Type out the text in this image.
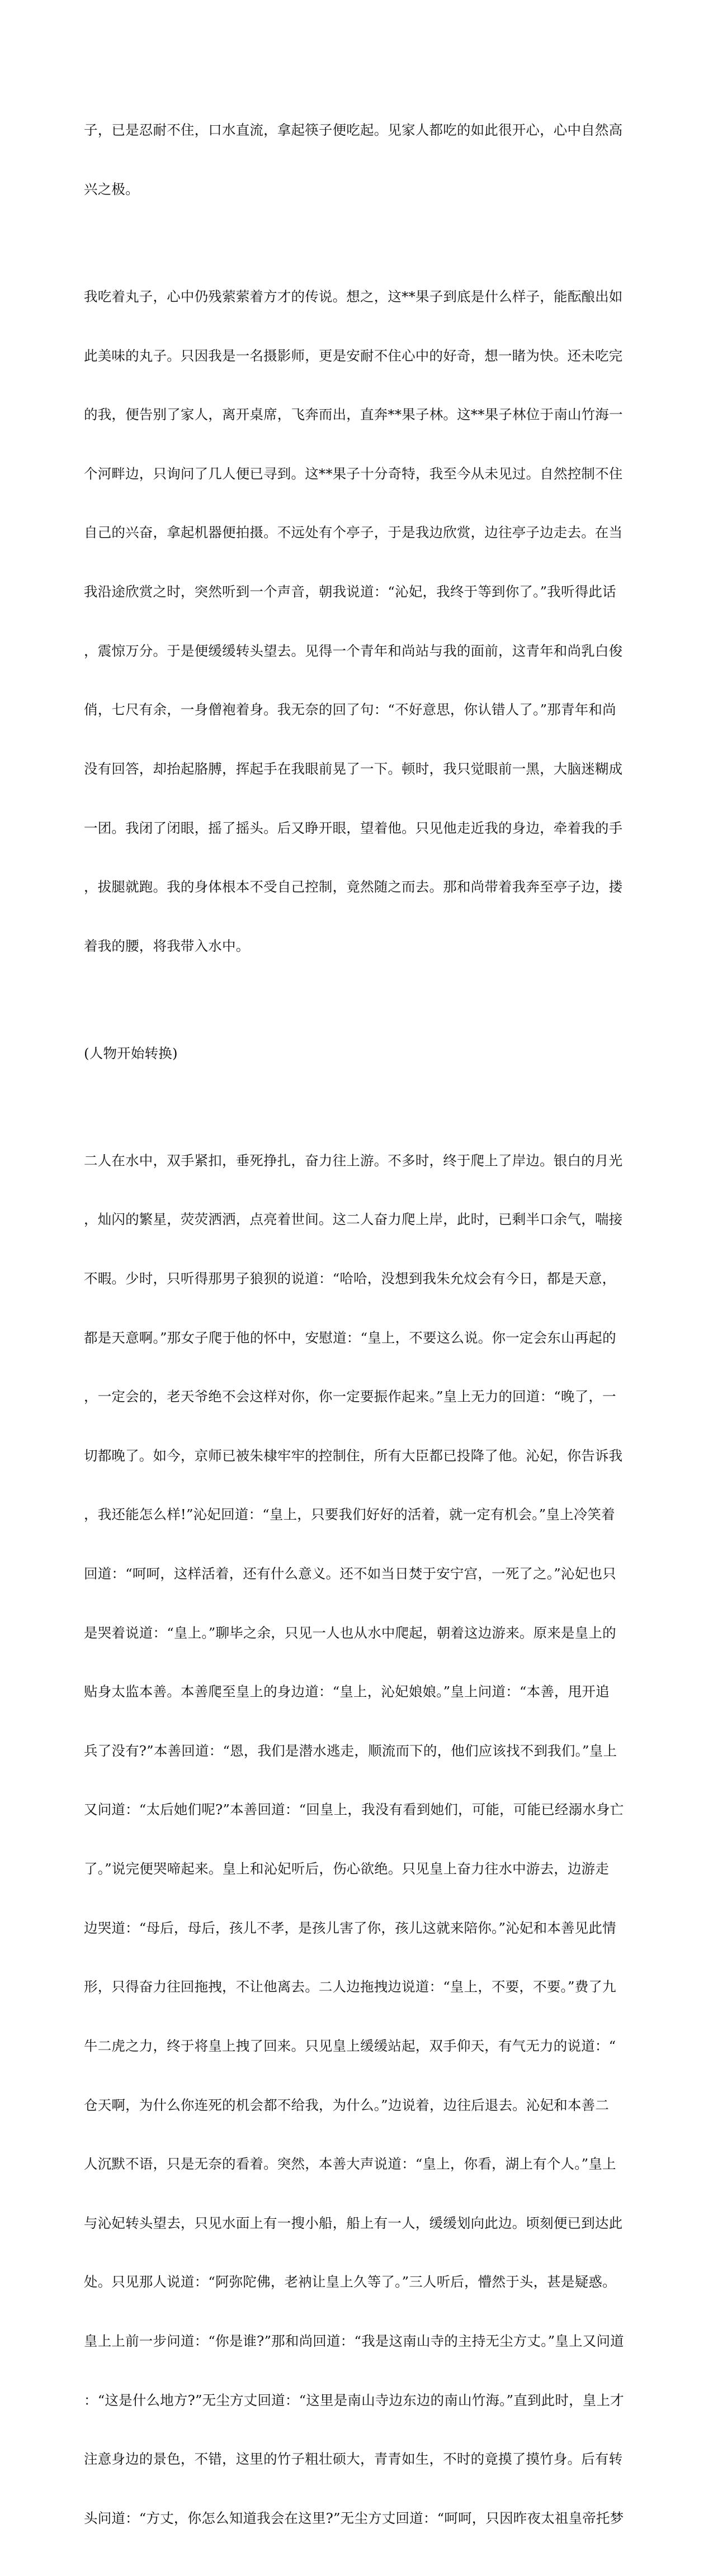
子，已是忍耐不住，口水直流，拿起筷子便吃起。见家人都吃的如此很开心，心中自然高

兴之极。

我吃着丸子，心中仍残萦萦着方才的传说。想之，这**果子到底是什么样子，能酝酿出如

此美味的丸子。只因我是一名摄影师，更是安耐不住心中的好奇，想一睹为快。还未吃完

的我，便告别了家人，离开桌席，飞奔而出，直奔**果子林。这**果子林位于南山竹海一

个河畔边，只询问了几人便已寻到。这**果子十分奇特，我至今从未见过。自然控制不住

自己的兴奋，拿起机器便拍摄。不远处有个亭子，于是我边欣赏，边往亭子边走去。在当

我沿途欣赏之时，突然听到一个声音，朝我说道：“沁妃，我终于等到你了。”我听得此话

，震惊万分。于是便缓缓转头望去。见得一个青年和尚站与我的面前，这青年和尚乳白俊

俏，七尺有余，一身僧袍着身。我无奈的回了句：“不好意思，你认错人了。”那青年和尚

没有回答，却抬起胳膊，挥起手在我眼前晃了一下。顿时，我只觉眼前一黑，大脑迷糊成

一团。我闭了闭眼，摇了摇头。后又睁开眼，望着他。只见他走近我的身边，牵着我的手

，拔腿就跑。我的身体根本不受自己控制，竟然随之而去。那和尚带着我奔至亭子边，搂

着我的腰，将我带入水中。

(人物开始转换)

二人在水中，双手紧扣，垂死挣扎，奋力往上游。不多时，终于爬上了岸边。银白的月光

，灿闪的繁星，荧荧洒洒，点亮着世间。这二人奋力爬上岸，此时，已剩半口余气，喘接

不暇。少时，只听得那男子狼狈的说道：“哈哈，没想到我朱允炆会有今日，都是天意，

都是天意啊。”那女子爬于他的怀中，安慰道：“皇上，不要这么说。你一定会东山再起的

，一定会的，老天爷绝不会这样对你，你一定要振作起来。”皇上无力的回道：“晚了，一

切都晚了。如今，京师已被朱棣牢牢的控制住，所有大臣都已投降了他。沁妃，你告诉我

，我还能怎么样!”沁妃回道：“皇上，只要我们好好的活着，就一定有机会。”皇上冷笑着

回道：“呵呵，这样活着，还有什么意义。还不如当日焚于安宁宫，一死了之。”沁妃也只

是哭着说道：“皇上。”聊毕之余，只见一人也从水中爬起，朝着这边游来。原来是皇上的

贴身太监本善。本善爬至皇上的身边道：“皇上，沁妃娘娘。”皇上问道：“本善，甩开追

兵了没有?”本善回道：“恩，我们是潜水逃走，顺流而下的，他们应该找不到我们。”皇上

又问道：“太后她们呢?”本善回道：“回皇上，我没有看到她们，可能，可能已经溺水身亡

了。”说完便哭啼起来。皇上和沁妃听后，伤心欲绝。只见皇上奋力往水中游去，边游走

边哭道：“母后，母后，孩儿不孝，是孩儿害了你，孩儿这就来陪你。”沁妃和本善见此情

形，只得奋力往回拖拽，不让他离去。二人边拖拽边说道：“皇上，不要，不要。”费了九

牛二虎之力，终于将皇上拽了回来。只见皇上缓缓站起，双手仰天，有气无力的说道：“

仓天啊，为什么你连死的机会都不给我，为什么。”边说着，边往后退去。沁妃和本善二

人沉默不语，只是无奈的看着。突然，本善大声说道：“皇上，你看，湖上有个人。”皇上

与沁妃转头望去，只见水面上有一搜小船，船上有一人，缓缓划向此边。顷刻便已到达此

处。只见那人说道：“阿弥陀佛，老衲让皇上久等了。”三人听后，懵然于头，甚是疑惑。

皇上上前一步问道：“你是谁?”那和尚回道：“我是这南山寺的主持无尘方丈。”皇上又问道

：“这是什么地方?”无尘方丈回道：“这里是南山寺边东边的南山竹海。”直到此时，皇上才

注意身边的景色，不错，这里的竹子粗壮硕大，青青如生，不时的竟摸了摸竹身。后有转

头问道：“方丈，你怎么知道我会在这里?”无尘方丈回道：“呵呵，只因昨夜太祖皇帝托梦
